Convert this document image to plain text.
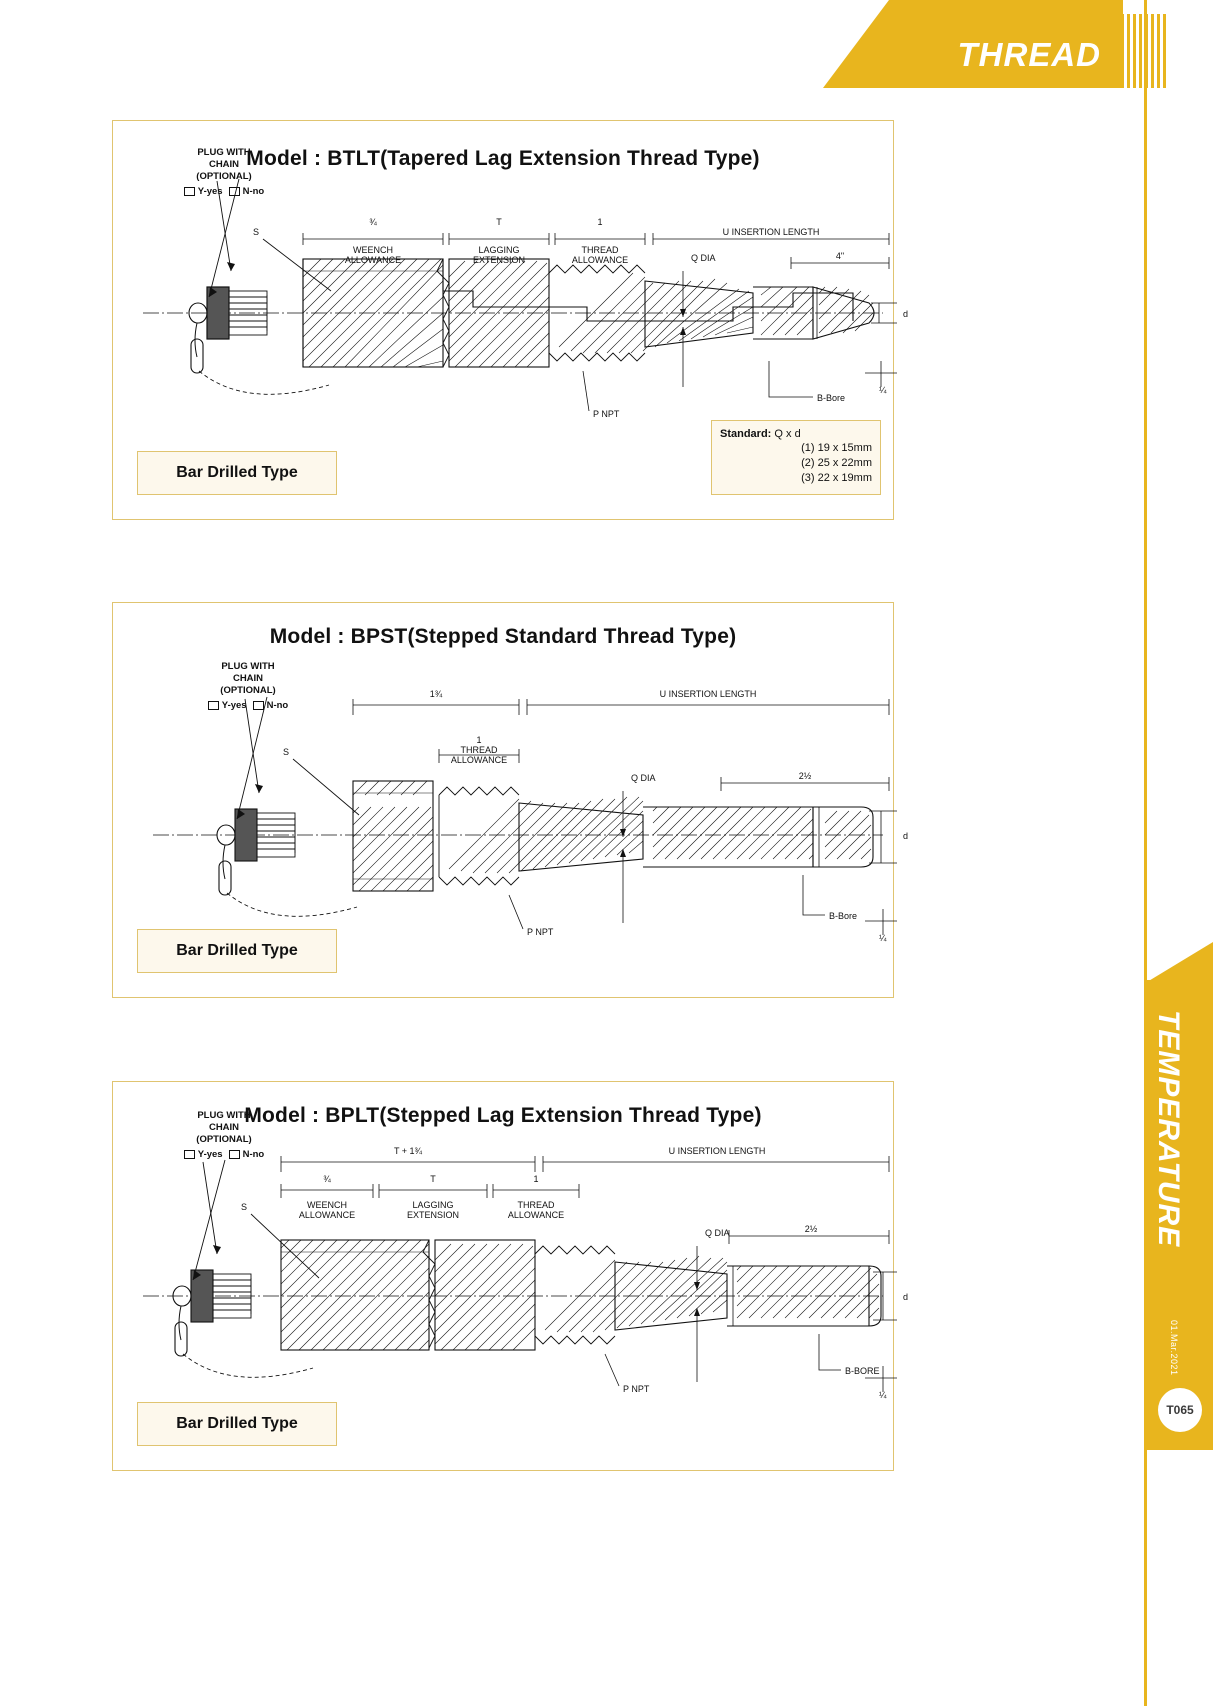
THREAD
TEMPERATURE
01.Mar.2021
T065
Model : BTLT(Tapered Lag Extension Thread Type)
PLUG WITH
CHAIN
(OPTIONAL)
Y-yes N-no
¾
WEENCH
ALLOWANCE
T
LAGGING
EXTENSION
1
THREAD
ALLOWANCE
U INSERTION LENGTH
4"
Q DIA
d
¼
B-Bore
P NPT
S
Bar Drilled Type
Standard: Q x d
(1) 19 x 15mm
(2) 25 x 22mm
(3) 22 x 19mm
Model : BPST(Stepped Standard Thread Type)
PLUG WITH
CHAIN
(OPTIONAL)
Y-yes N-no
1¾	U INSERTION LENGTH
1
THREAD
ALLOWANCE
2½
Q DIA
d
¼
B-Bore
P NPT
S
Bar Drilled Type
Model : BPLT(Stepped Lag Extension Thread Type)
PLUG WITH
CHAIN
(OPTIONAL)
Y-yes N-no	T + 1¾	U INSERTION LENGTH
¾
WEENCH
ALLOWANCE
T
LAGGING
EXTENSION
1
THREAD
ALLOWANCE
2½
Q DIA
d
¼
B-BORE
P NPT
S
Bar Drilled Type
